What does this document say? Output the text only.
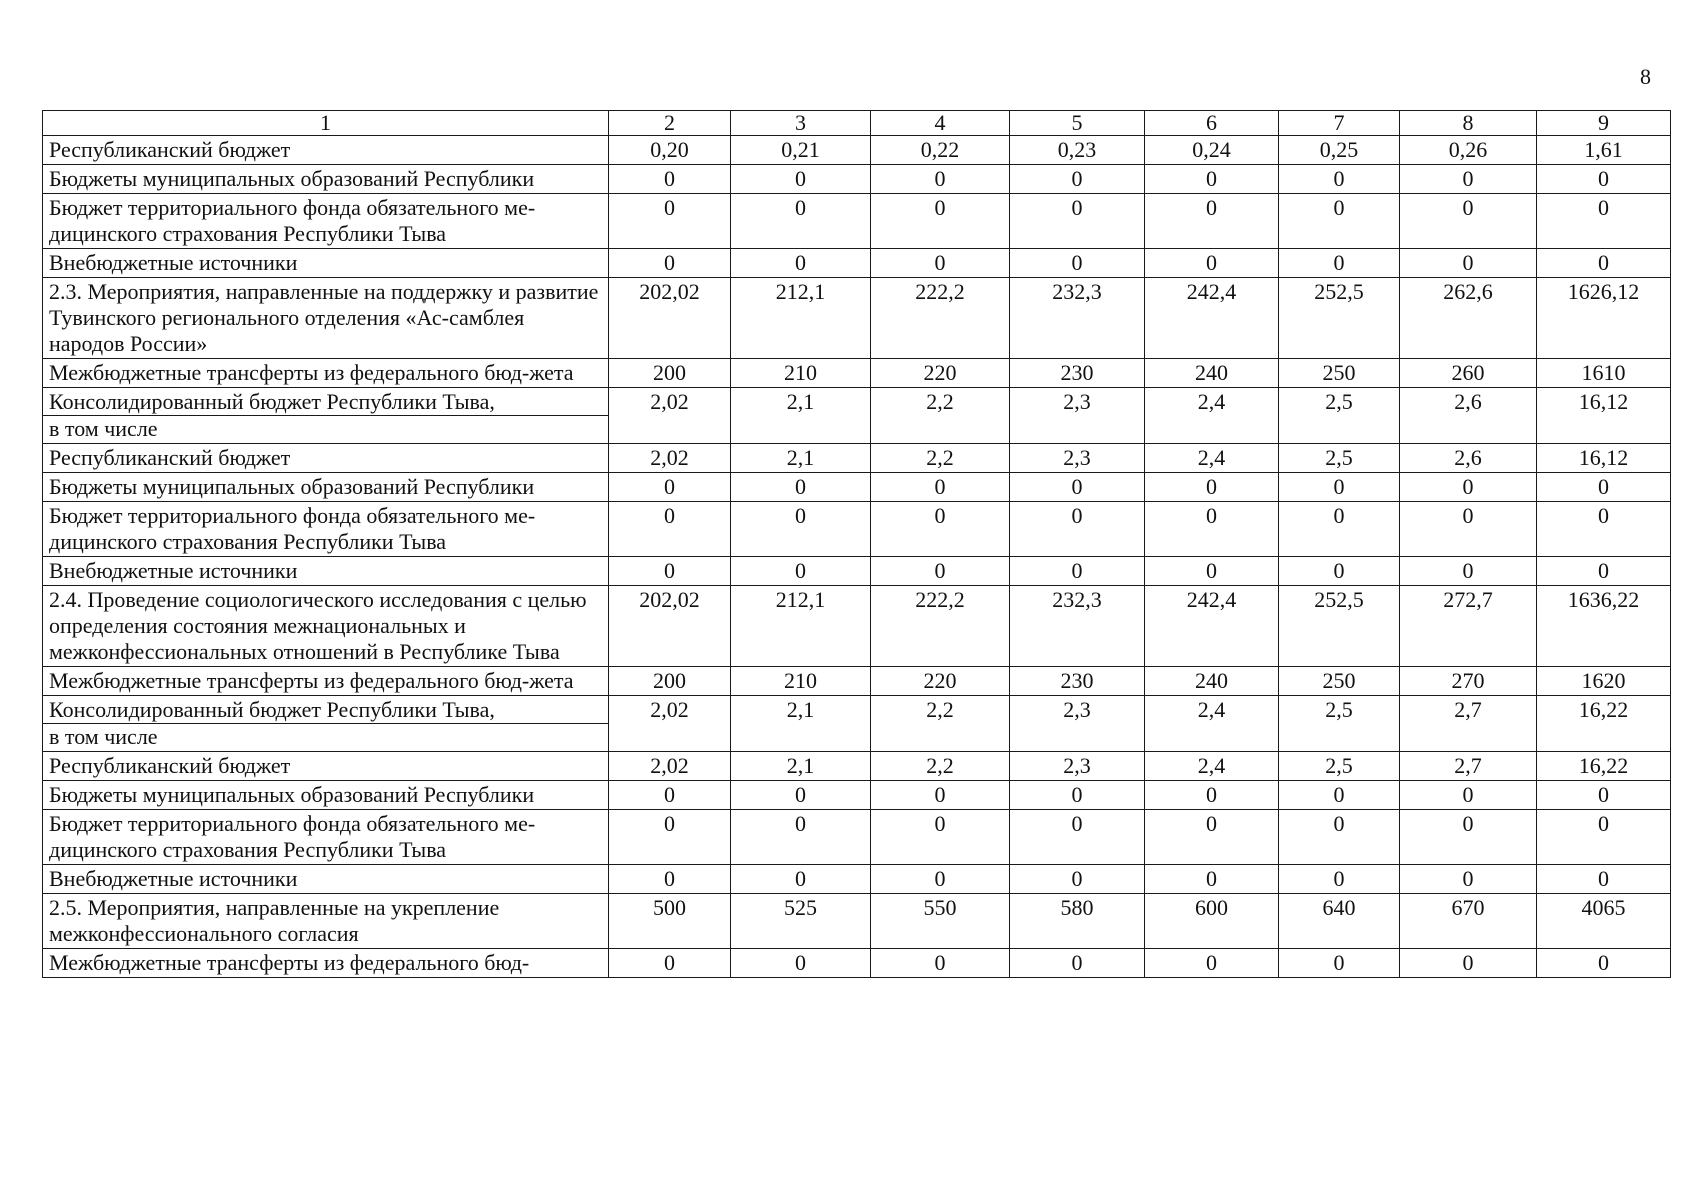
8
1	2	3	4	5	6	7	8	9

Республиканский бюджет	0,20	0,21	0,22	0,23	0,24	0,25	0,26	1,61

Бюджеты муниципальных образований Республики	0	0	0	0	0	0	0	0

Бюджет территориального фонда обязательного ме-дицинского страхования Республики Тыва	0	0	0	0	0	0	0	0

Внебюджетные источники	0	0	0	0	0	0	0	0

2.3. Мероприятия, направленные на поддержку и развитие Тувинского регионального отделения «Ас-самблея народов России»	202,02	212,1	222,2	232,3	242,4	252,5	262,6	1626,12

Межбюджетные трансферты из федерального бюд-жета	200	210	220	230	240	250	260	1610

Консолидированный бюджет Республики Тыва,
в том числе	2,02	2,1	2,2	2,3	2,4	2,5	2,6	16,12

Республиканский бюджет	2,02	2,1	2,2	2,3	2,4	2,5	2,6	16,12

Бюджеты муниципальных образований Республики	0	0	0	0	0	0	0	0

Бюджет территориального фонда обязательного ме-дицинского страхования Республики Тыва	0	0	0	0	0	0	0	0

Внебюджетные источники	0	0	0	0	0	0	0	0

2.4. Проведение социологического исследования с целью определения состояния межнациональных и межконфессиональных отношений в Республике Тыва	202,02	212,1	222,2	232,3	242,4	252,5	272,7	1636,22

Межбюджетные трансферты из федерального бюд-жета	200	210	220	230	240	250	270	1620

Консолидированный бюджет Республики Тыва,
в том числе	2,02	2,1	2,2	2,3	2,4	2,5	2,7	16,22

Республиканский бюджет	2,02	2,1	2,2	2,3	2,4	2,5	2,7	16,22

Бюджеты муниципальных образований Республики	0	0	0	0	0	0	0	0

Бюджет территориального фонда обязательного ме-дицинского страхования Республики Тыва	0	0	0	0	0	0	0	0

Внебюджетные источники	0	0	0	0	0	0	0	0

2.5. Мероприятия, направленные на укрепление межконфессионального согласия	500	525	550	580	600	640	670	4065

Межбюджетные трансферты из федерального бюд-	0	0	0	0	0	0	0	0
